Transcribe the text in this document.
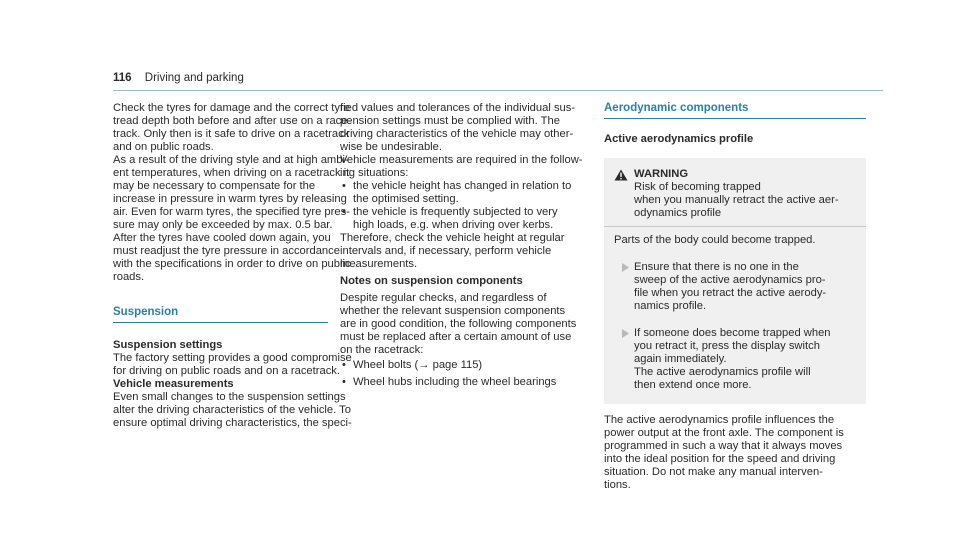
116 Driving and parking
Check the tyres for damage and the correct tyre
tread depth both before and after use on a race-
track. Only then is it safe to drive on a racetrack
and on public roads.
As a result of the driving style and at high ambi-
ent temperatures, when driving on a racetrack it
may be necessary to compensate for the
increase in pressure in warm tyres by releasing
air. Even for warm tyres, the specified tyre pres-
sure may only be exceeded by max. 0.5 bar.
After the tyres have cooled down again, you
must readjust the tyre pressure in accordance
with the specifications in order to drive on public
roads.
Suspension
Suspension settings
The factory setting provides a good compromise
for driving on public roads and on a racetrack.
Vehicle measurements
Even small changes to the suspension settings
alter the driving characteristics of the vehicle. To
ensure optimal driving characteristics, the speci-
fied values and tolerances of the individual sus-
pension settings must be complied with. The
driving characteristics of the vehicle may other-
wise be undesirable.
Vehicle measurements are required in the follow-
ing situations:
• the vehicle height has changed in relation to
the optimised setting.
• the vehicle is frequently subjected to very
high loads, e.g. when driving over kerbs.
Therefore, check the vehicle height at regular
intervals and, if necessary, perform vehicle
measurements.
Notes on suspension components
Despite regular checks, and regardless of
whether the relevant suspension components
are in good condition, the following components
must be replaced after a certain amount of use
on the racetrack:
• Wheel bolts (→ page 115)
• Wheel hubs including the wheel bearings
Aerodynamic components
Active aerodynamics profile
WARNING
Risk of becoming trapped
when you manually retract the active aer-
odynamics profile
Parts of the body could become trapped.
Ensure that there is no one in the
sweep of the active aerodynamics pro-
file when you retract the active aerody-
namics profile.
If someone does become trapped when
you retract it, press the display switch
again immediately.
The active aerodynamics profile will
then extend once more.
The active aerodynamics profile influences the
power output at the front axle. The component is
programmed in such a way that it always moves
into the ideal position for the speed and driving
situation. Do not make any manual interven-
tions.
